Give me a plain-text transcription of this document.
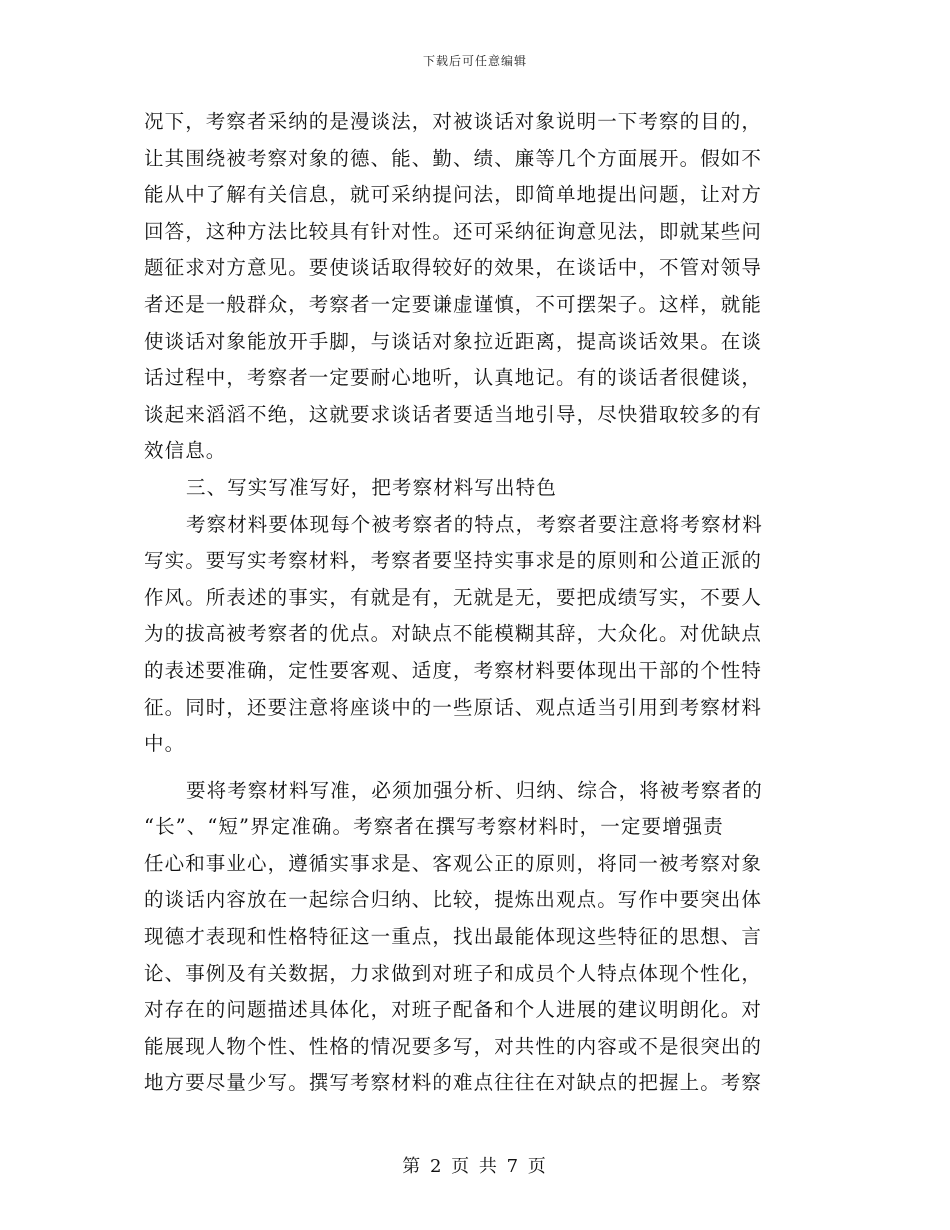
下载后可任意编辑
况下，考察者采纳的是漫谈法，对被谈话对象说明一下考察的目的，
让其围绕被考察对象的德、能、勤、绩、廉等几个方面展开。假如不
能从中了解有关信息，就可采纳提问法，即简单地提出问题，让对方
回答，这种方法比较具有针对性。还可采纳征询意见法，即就某些问
题征求对方意见。要使谈话取得较好的效果，在谈话中，不管对领导
者还是一般群众，考察者一定要谦虚谨慎，不可摆架子。这样，就能
使谈话对象能放开手脚，与谈话对象拉近距离，提高谈话效果。在谈
话过程中，考察者一定要耐心地听，认真地记。有的谈话者很健谈，
谈起来滔滔不绝，这就要求谈话者要适当地引导，尽快猎取较多的有
效信息。
三、写实写准写好，把考察材料写出特色
考察材料要体现每个被考察者的特点，考察者要注意将考察材料
写实。要写实考察材料，考察者要坚持实事求是的原则和公道正派的
作风。所表述的事实，有就是有，无就是无，要把成绩写实，不要人
为的拔高被考察者的优点。对缺点不能模糊其辞，大众化。对优缺点
的表述要准确，定性要客观、适度，考察材料要体现出干部的个性特
征。同时，还要注意将座谈中的一些原话、观点适当引用到考察材料
中。
要将考察材料写准，必须加强分析、归纳、综合，将被考察者的
“长”、“短”界定准确。考察者在撰写考察材料时，一定要增强责
任心和事业心，遵循实事求是、客观公正的原则，将同一被考察对象
的谈话内容放在一起综合归纳、比较，提炼出观点。写作中要突出体
现德才表现和性格特征这一重点，找出最能体现这些特征的思想、言
论、事例及有关数据，力求做到对班子和成员个人特点体现个性化，
对存在的问题描述具体化，对班子配备和个人进展的建议明朗化。对
能展现人物个性、性格的情况要多写，对共性的内容或不是很突出的
地方要尽量少写。撰写考察材料的难点往往在对缺点的把握上。考察
第 2 页 共 7 页
